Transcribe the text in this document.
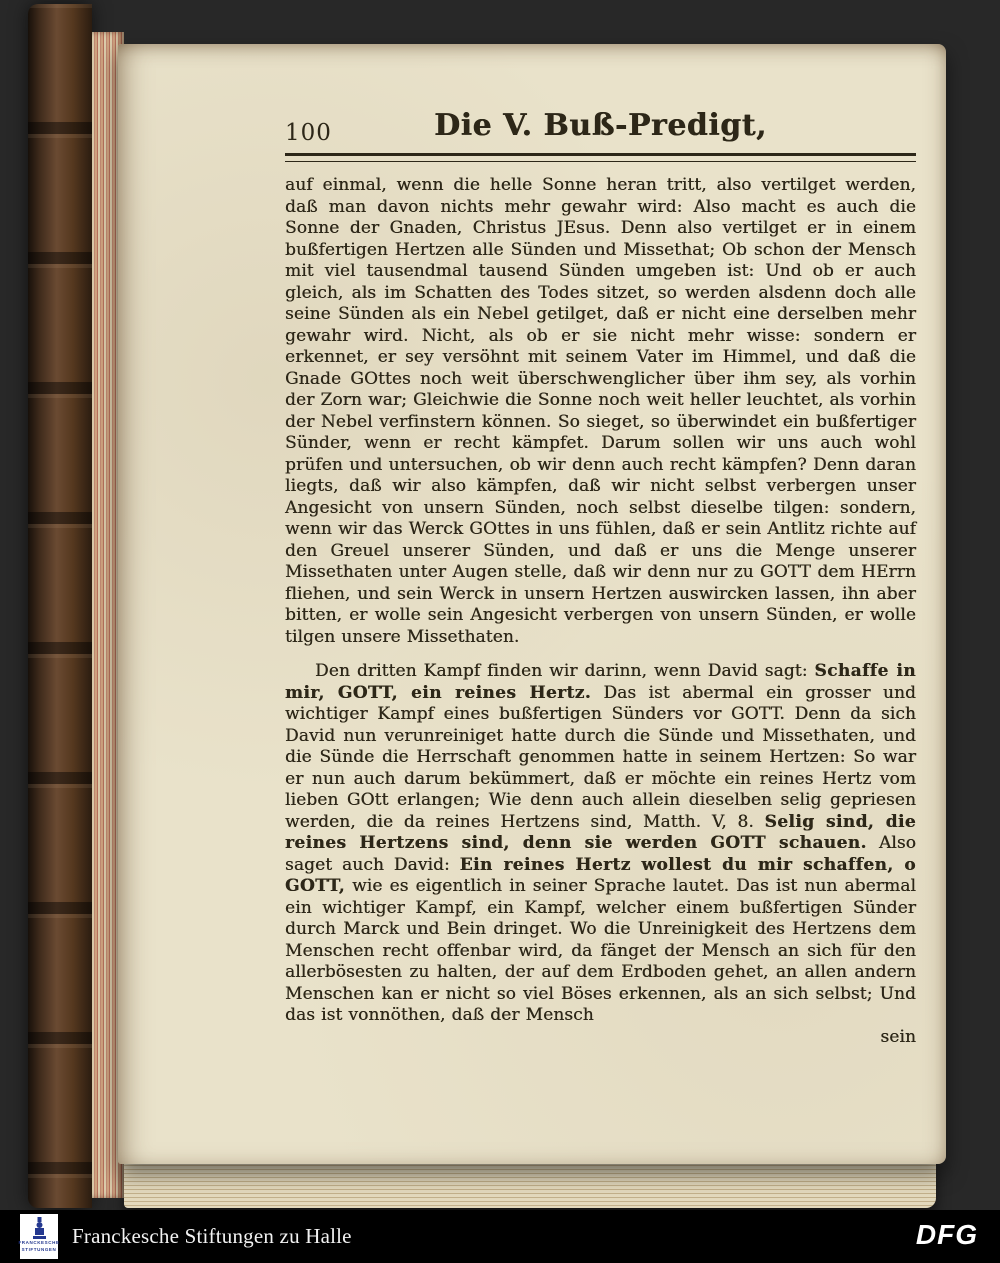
100	Die V. Buß-Predigt,

auf einmal, wenn die helle Sonne heran tritt, also vertilget werden, daß man davon nichts mehr gewahr wird: Also macht es auch die Sonne der Gnaden, Christus JEsus. Denn also vertilget er in einem bußfertigen Hertzen alle Sünden und Missethat; Ob schon der Mensch mit viel tausendmal tausend Sünden umgeben ist: Und ob er auch gleich, als im Schatten des Todes sitzet, so werden alsdenn doch alle seine Sünden als ein Nebel getilget, daß er nicht eine derselben mehr gewahr wird. Nicht, als ob er sie nicht mehr wisse: sondern er erkennet, er sey versöhnt mit seinem Vater im Himmel, und daß die Gnade GOttes noch weit überschwenglicher über ihm sey, als vorhin der Zorn war; Gleichwie die Sonne noch weit heller leuchtet, als vorhin der Nebel verfinstern können. So sieget, so überwindet ein bußfertiger Sünder, wenn er recht kämpfet. Darum sollen wir uns auch wohl prüfen und untersuchen, ob wir denn auch recht kämpfen? Denn daran liegts, daß wir also kämpfen, daß wir nicht selbst verbergen unser Angesicht von unsern Sünden, noch selbst dieselbe tilgen: sondern, wenn wir das Werck GOttes in uns fühlen, daß er sein Antlitz richte auf den Greuel unserer Sünden, und daß er uns die Menge unserer Missethaten unter Augen stelle, daß wir denn nur zu GOTT dem HErrn fliehen, und sein Werck in unsern Hertzen auswircken lassen, ihn aber bitten, er wolle sein Angesicht verbergen von unsern Sünden, er wolle tilgen unsere Missethaten.

Den dritten Kampf finden wir darinn, wenn David sagt: Schaffe in mir, GOTT, ein reines Hertz. Das ist abermal ein grosser und wichtiger Kampf eines bußfertigen Sünders vor GOTT. Denn da sich David nun verunreiniget hatte durch die Sünde und Missethaten, und die Sünde die Herrschaft genommen hatte in seinem Hertzen: So war er nun auch darum bekümmert, daß er möchte ein reines Hertz vom lieben GOtt erlangen; Wie denn auch allein dieselben selig gepriesen werden, die da reines Hertzens sind, Matth. V, 8. Selig sind, die reines Hertzens sind, denn sie werden GOTT schauen. Also saget auch David: Ein reines Hertz wollest du mir schaffen, o GOTT, wie es eigentlich in seiner Sprache lautet. Das ist nun abermal ein wichtiger Kampf, ein Kampf, welcher einem bußfertigen Sünder durch Marck und Bein dringet. Wo die Unreinigkeit des Hertzens dem Menschen recht offenbar wird, da fänget der Mensch an sich für den allerbösesten zu halten, der auf dem Erdboden gehet, an allen andern Menschen kan er nicht so viel Böses erkennen, als an sich selbst; Und das ist vonnöthen, daß der Mensch

sein

FRANCKESCHE
STIFTUNGEN
Franckesche Stiftungen zu Halle	DFG
